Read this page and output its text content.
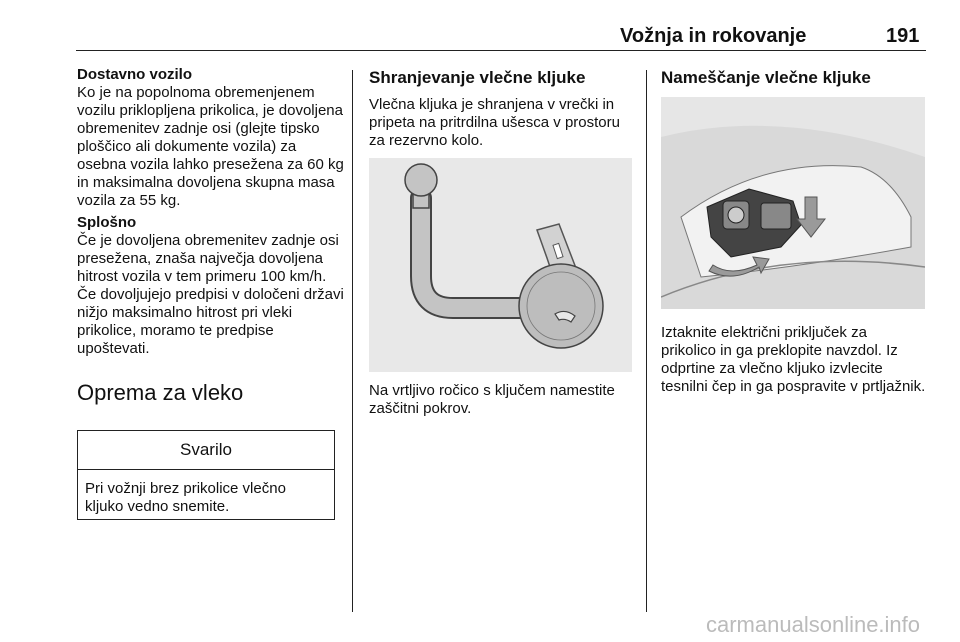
Vožnja in rokovanje	191
Dostavno vozilo

Ko je na popolnoma obremenjenem vozilu priklopljena prikolica, je dovoljena obremenitev zadnje osi (glejte tipsko ploščico ali dokumente vozila) za osebna vozila lahko presežena za 60 kg in maksimalna dovoljena skupna masa vozila za 55 kg.

Splošno

Če je dovoljena obremenitev zadnje osi presežena, znaša največja dovoljena hitrost vozila v tem primeru 100 km/h. Če dovoljujejo predpisi v določeni državi nižjo maksimalno hitrost pri vleki prikolice, moramo te predpise upoštevati.

Oprema za vleko
Svarilo
Pri vožnji brez prikolice vlečno kljuko vedno snemite.
Shranjevanje vlečne kljuke

Vlečna kljuka je shranjena v vrečki in pripeta na pritrdilna ušesca v prostoru za rezervno kolo.

Na vrtljivo ročico s ključem namestite zaščitni pokrov.

Nameščanje vlečne kljuke

Iztaknite električni priključek za prikolico in ga preklopite navzdol. Iz odprtine za vlečno kljuko izvlecite tesnilni čep in ga pospravite v prtljažnik.

carmanualsonline.info
